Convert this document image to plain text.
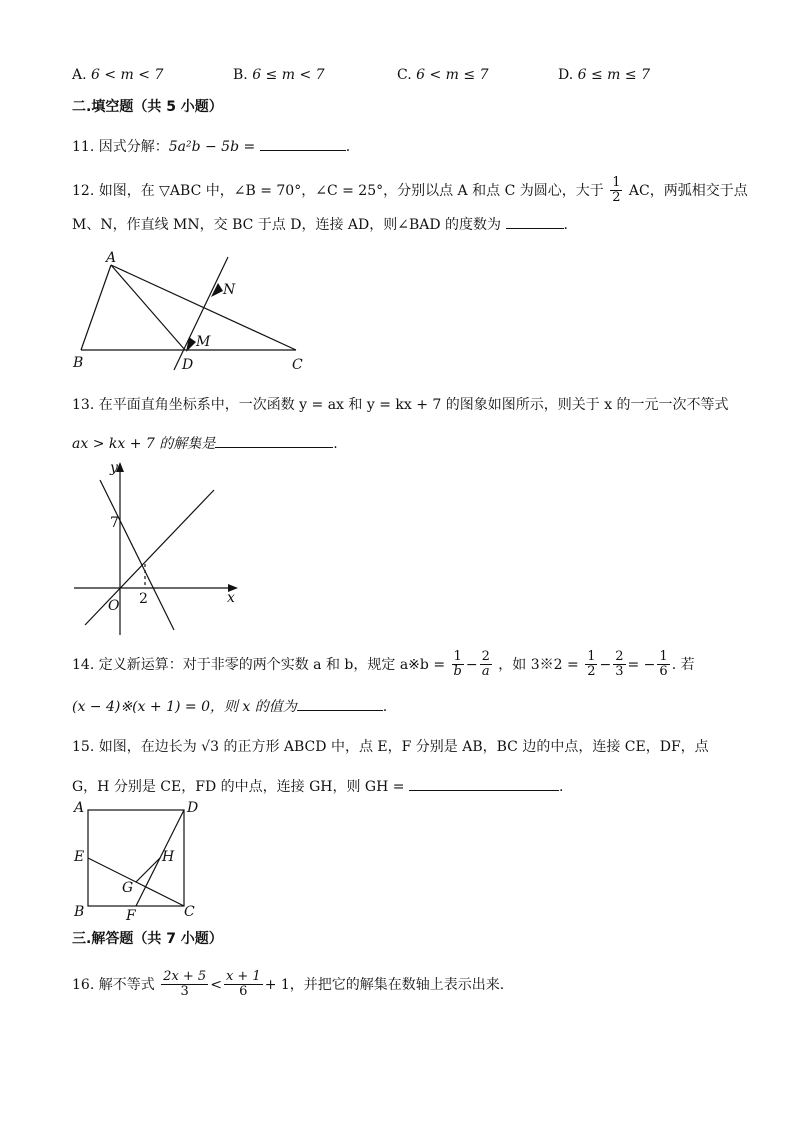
A. 6 < m < 7	B. 6 ≤ m < 7	C. 6 < m ≤ 7	D. 6 ≤ m ≤ 7
二.填空题（共 5 小题）
11. 因式分解：5a²b − 5b =	.
12. 如图，在 ▽ABC 中，∠B = 70°，∠C = 25°，分别以点 A 和点 C 为圆心，大于 $\frac{1}{2}$ AC，两弧相交于点
M、N，作直线 MN，交 BC 于点 D，连接 AD，则∠BAD 的度数为	.
A
B	C
D
M
N
13. 在平面直角坐标系中，一次函数 y = ax 和 y = kx + 7 的图象如图所示，则关于 x 的一元一次不等式
ax > kx + 7 的解集是	.
y
x
O
7
2
14. 定义新运算：对于非零的两个实数 a 和 b，规定 a※b = $\frac{1}{b} - \frac{2}{a}$ ，如 3※2 = $\frac{1}{2} - \frac{2}{3}$ = − $\frac{1}{6}$ . 若
(x − 4)※(x + 1) = 0，则 x 的值为	.
15. 如图，在边长为 √3 的正方形 ABCD 中，点 E，F 分别是 AB，BC 边的中点，连接 CE，DF，点
G，H 分别是 CE，FD 的中点，连接 GH，则 GH =	.
A	D
E	H
G
B	F	C
三.解答题（共 7 小题）
16. 解不等式 $\frac{2x + 5}{3} < \frac{x + 1}{6} + 1$，并把它的解集在数轴上表示出来.
